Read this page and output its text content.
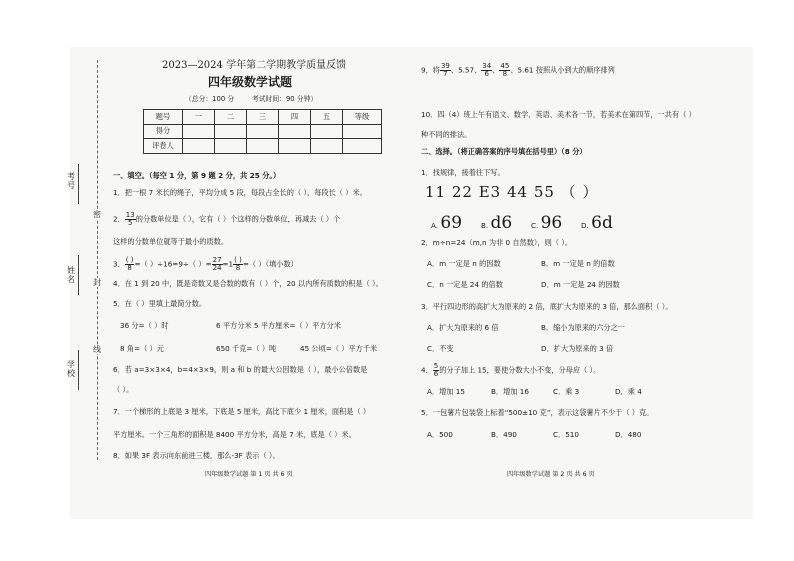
考号
密
姓名 封
线
学校
2023—2024 学年第二学期教学质量反馈
四年级数学试题
（总分：100 分	考试时间：90 分钟）
题号	一	二	三	四	五	等级
得分						
评卷人						
一、填空。（每空 1 分，第 9 题 2 分，共 25 分。）
1．把一根 7 米长的绳子，平均分成 5 段，每段占全长的（ ），每段长（ ）米。
2． $\frac{13}{5}$ 的分数单位是（ ），它有（ ）个这样的分数单位，再减去（ ）个
这样的分数单位就等于最小的质数。
3． $\frac{( )}{8}$ =（ ）÷16=9÷（ ）= $\frac{27}{24} =1 \frac{( )}{8}$ =（ ）（填小数）
4．在 1 到 20 中，既是奇数又是合数的数有（ ）个，20 以内所有质数的积是（ ）。
5．在（ ）里填上最简分数。
36 分=（ ）时	6 平方分米 5 平方厘米=（ ）平方分米
8 角=（ ）元	650 千克=（ ）吨	45 公顷=（ ）平方千米
6．若 a=3×3×4，b=4×3×9，则 a 和 b 的最大公因数是（ ），最小公倍数是
（ ）。
7．一个梯形的上底是 3 厘米，下底是 5 厘米，高比下底少 1 厘米，面积是（ ）
平方厘米。一个三角形的面积是 8400 平方分米，高是 7 米，底是（ ）米。
8．如果 3F 表示向东前进三楼，那么-3F 表示（ ）。
四年级数学试题 第 1 页 共 6 页
9．将 $\frac{39}{7}$ 、5.57、 $\frac{34}{6}$ 、 $\frac{45}{8}$ 、5.61 按照从小到大的顺序排列
10．四（4）班上午有语文、数学、英语、美术各一节，若美术在第四节，一共有（ ）
种不同的排法。
二、选择。（将正确答案的序号填在括号里）（8 分）
1．找规律，接着往下写。
11 22 E3 44 55 （ ）
A. 69	B. d6	C. 96	D. 6d
2．m÷n=24（m,n 为非 0 自然数），则（ ）。
A．m 一定是 n 的因数	B．m 一定是 n 的倍数
C．n 一定是 24 的倍数	D．m 一定是 24 的因数
3．平行四边形的高扩大为原来的 2 倍，底扩大为原来的 3 倍，那么面积（ ）。
A．扩大为原来的 6 倍	B．缩小为原来的六分之一
C．不变	D．扩大为原来的 3 倍
4． $\frac{5}{6}$ 的分子加上 15，要使分数大小不变，分母应（ ）。
A．增加 15	B．增加 16	C．乘 3	D．乘 4
5．一包薯片包装袋上标着“500±10 克”，表示这袋薯片不少于（ ）克。
A．500	B．490	C．510	D．480
四年级数学试题 第 2 页 共 6 页
